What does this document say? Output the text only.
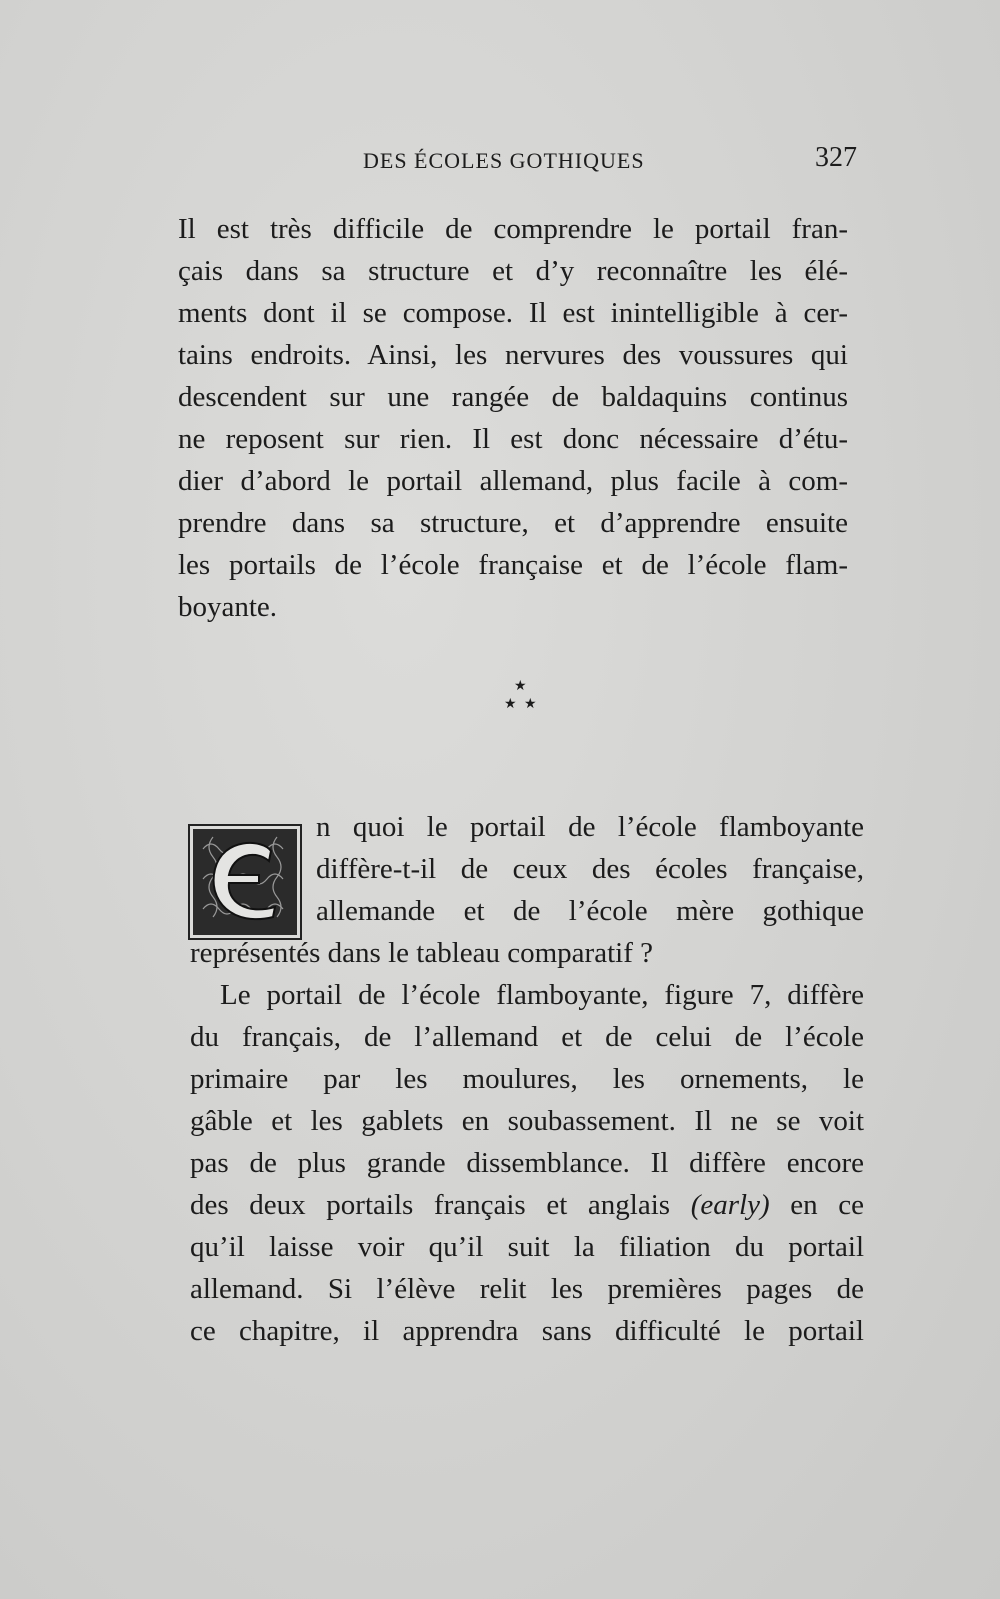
DES ÉCOLES GOTHIQUES	327

Il est très difficile de comprendre le portail fran-
çais dans sa structure et d’y reconnaître les élé-
ments dont il se compose. Il est inintelligible à cer-
tains endroits. Ainsi, les nervures des voussures qui
descendent sur une rangée de baldaquins continus
ne reposent sur rien. Il est donc nécessaire d’étu-
dier d’abord le portail allemand, plus facile à com-
prendre dans sa structure, et d’apprendre ensuite
les portails de l’école française et de l’école flam-
boyante.

★
★ ★

n quoi le portail de l’école flamboyante
diffère-t-il de ceux des écoles française,
allemande et de l’école mère gothique

représentés dans le tableau comparatif ?

Le portail de l’école flamboyante, figure 7, diffère
du français, de l’allemand et de celui de l’école
primaire par les moulures, les ornements, le
gâble et les gablets en soubassement. Il ne se voit
pas de plus grande dissemblance. Il diffère encore
des deux portails français et anglais (early) en ce
qu’il laisse voir qu’il suit la filiation du portail
allemand. Si l’élève relit les premières pages de
ce chapitre, il apprendra sans difficulté le portail
